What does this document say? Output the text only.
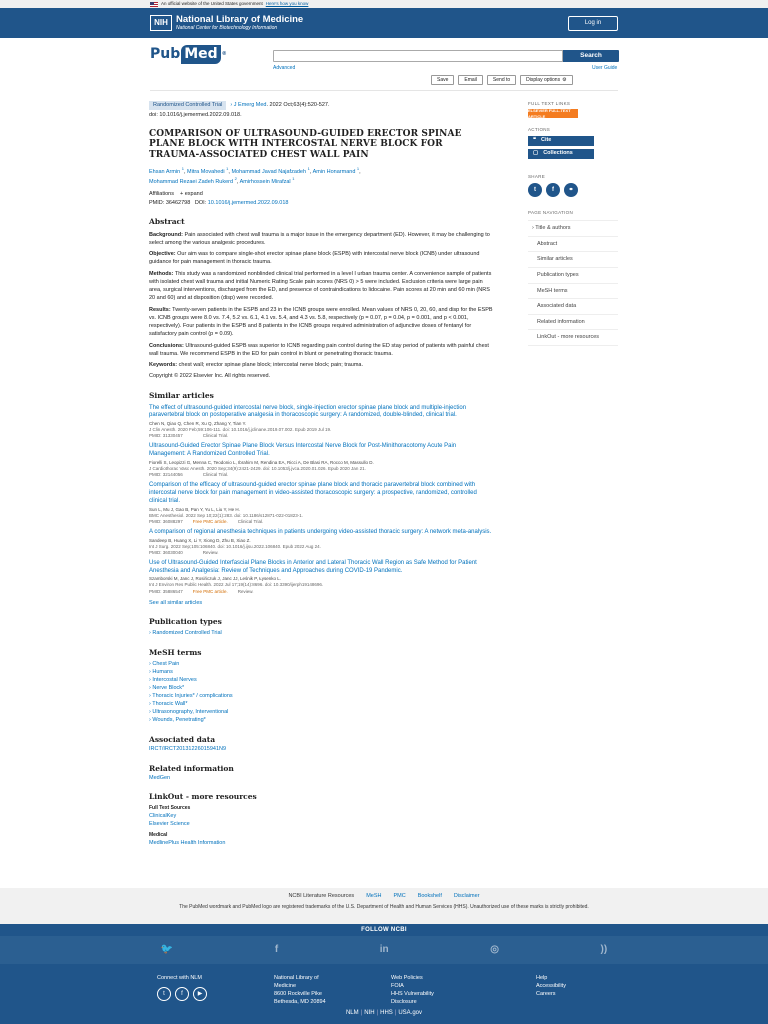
An official website of the United States government Here's how you know
NIH National Library of Medicine
National Center for Biotechnology Information
Log in
Pub Med ®	Search
Advanced	User Guide
Save	Email	Send to	Display options ⚙
Randomized Controlled Trial	› J Emerg Med. 2022 Oct;63(4):520-527.
doi: 10.1016/j.jemermed.2022.09.018.
COMPARISON OF ULTRASOUND-GUIDED ERECTOR SPINAE PLANE BLOCK WITH INTERCOSTAL NERVE BLOCK FOR TRAUMA-ASSOCIATED CHEST WALL PAIN
Ehsan Armin $^1$, Mitra Movahedi $^1$, Mohammad Javad Najafzadeh $^1$, Amin Honarmand $^1$,
Mohammad Rezaei Zadeh Rukerd $^2$, Amirhossein Mirafzal $^1$
Affiliations + expand
PMID: 36462798 DOI: 10.1016/j.jemermed.2022.09.018
Abstract

Background: Pain associated with chest wall trauma is a major issue in the emergency department (ED). However, it may be challenging to select among the various analgesic procedures.

Objective: Our aim was to compare single-shot erector spinae plane block (ESPB) with intercostal nerve block (ICNB) under ultrasound guidance for pain management in thoracic trauma.

Methods: This study was a randomized nonblinded clinical trial performed in a level I urban trauma center. A convenience sample of patients with isolated chest wall trauma and initial Numeric Rating Scale pain scores (NRS 0) > 5 were included. Exclusion criteria were large pain area, surgical interventions, discharged from the ED, and presence of contraindications to lidocaine. Pain scores at 20 min and 60 min (NRS 20 and 60) and at disposition (disp) were recorded.

Results: Twenty-seven patients in the ESPB and 23 in the ICNB groups were enrolled. Mean values of NRS 0, 20, 60, and disp for the ESPB vs. ICNB groups were 8.0 vs. 7.4, 5.2 vs. 6.1, 4.1 vs. 5.4, and 4.3 vs. 5.8, respectively (p = 0.07, p = 0.04, p = 0.001, and p < 0.001, respectively). Four patients in the ESPB and 8 patients in the ICNB groups required administration of adjunctive doses of fentanyl for satisfactory pain control (p = 0.09).

Conclusions: Ultrasound-guided ESPB was superior to ICNB regarding pain control during the ED stay period of patients with painful chest wall trauma. We recommend ESPB in the ED for pain control in blunt or penetrating thoracic trauma.

Keywords: chest wall; erector spinae plane block; intercostal nerve block; pain; trauma.

Copyright © 2022 Elsevier Inc. All rights reserved.

Similar articles
The effect of ultrasound-guided intercostal nerve block, single-injection erector spinae plane block and multiple-injection paravertebral block on postoperative analgesia in thoracoscopic surgery: A randomized, double-blinded, clinical trial.
Chen N, Qiao Q, Chen R, Xu Q, Zhang Y, Tian Y.
J Clin Anesth. 2020 Feb;59:106-111. doi: 10.1016/j.jclinane.2019.07.002. Epub 2019 Jul 19.
PMID: 31330457	Clinical Trial.
Ultrasound-Guided Erector Spinae Plane Block Versus Intercostal Nerve Block for Post-Minithoracotomy Acute Pain Management: A Randomized Controlled Trial.
Fiorelli S, Leopizzi G, Menna C, Teodonio L, Ibrahim M, Rendina EA, Ricci A, De Blasi RA, Rocco M, Massullo D.
J Cardiothorac Vasc Anesth. 2020 Sep;34(9):2421-2429. doi: 10.1053/j.jvca.2020.01.026. Epub 2020 Jan 21.
PMID: 32144056	Clinical Trial.
Comparison of the efficacy of ultrasound-guided erector spinae plane block and thoracic paravertebral block combined with intercostal nerve block for pain management in video-assisted thoracoscopic surgery: a prospective, randomized, controlled clinical trial.
Sun L, Mu J, Gao B, Pan Y, Yu L, Liu Y, He H.
BMC Anesthesiol. 2022 Sep 10;22(1):283. doi: 10.1186/s12871-022-01823-1.
PMID: 36088297 Free PMC article. Clinical Trial.
A comparison of regional anesthesia techniques in patients undergoing video-assisted thoracic surgery: A network meta-analysis.
Sandeep B, Huang X, Li Y, Xiong D, Zhu B, Xiao Z.
Int J Surg. 2022 Sep;105:106840. doi: 10.1016/j.ijsu.2022.106840. Epub 2022 Aug 24.
PMID: 36030040	Review.
Use of Ultrasound-Guided Interfascial Plane Blocks in Anterior and Lateral Thoracic Wall Region as Safe Method for Patient Anesthesia and Analgesia: Review of Techniques and Approaches during COVID-19 Pandemic.
Szamborski M, Janc J, Rosińczuk J, Janc JJ, Leśnik P, Łysenko L.
Int J Environ Res Public Health. 2022 Jul 17;19(14):8696. doi: 10.3390/ijerph19148696.
PMID: 35886547 Free PMC article. Review.
See all similar articles
Publication types
› Randomized Controlled Trial
MeSH terms
› Chest Pain
› Humans
› Intercostal Nerves
› Nerve Block*
› Thoracic Injuries* / complications
› Thoracic Wall*
› Ultrasonography, Interventional
› Wounds, Penetrating*
Associated data
IRCT/IRCT20131226015941N9
Related information
MedGen
LinkOut - more resources
Full Text Sources
ClinicalKey
Elsevier Science
Medical
MedlinePlus Health Information
FULL TEXT LINKS
ELSEVIER FULL-TEXT ARTICLE
ACTIONS
❝ Cite
▢ Collections
SHARE
t	f	⚭
PAGE NAVIGATION
› Title & authors
Abstract
Similar articles
Publication types
MeSH terms
Associated data
Related information
LinkOut - more resources
NCBI Literature Resources MeSH PMC Bookshelf Disclaimer
The PubMed wordmark and PubMed logo are registered trademarks of the U.S. Department of Health and Human Services (HHS). Unauthorized use of these marks is strictly prohibited.
FOLLOW NCBI
🐦	f	in	◎	))
Connect with NLM
t	f	▶
National Library of
Medicine
8600 Rockville Pike
Bethesda, MD 20894
Web Policies
FOIA
HHS Vulnerability
Disclosure
Help
Accessibility
Careers
NLM | NIH | HHS | USA.gov
